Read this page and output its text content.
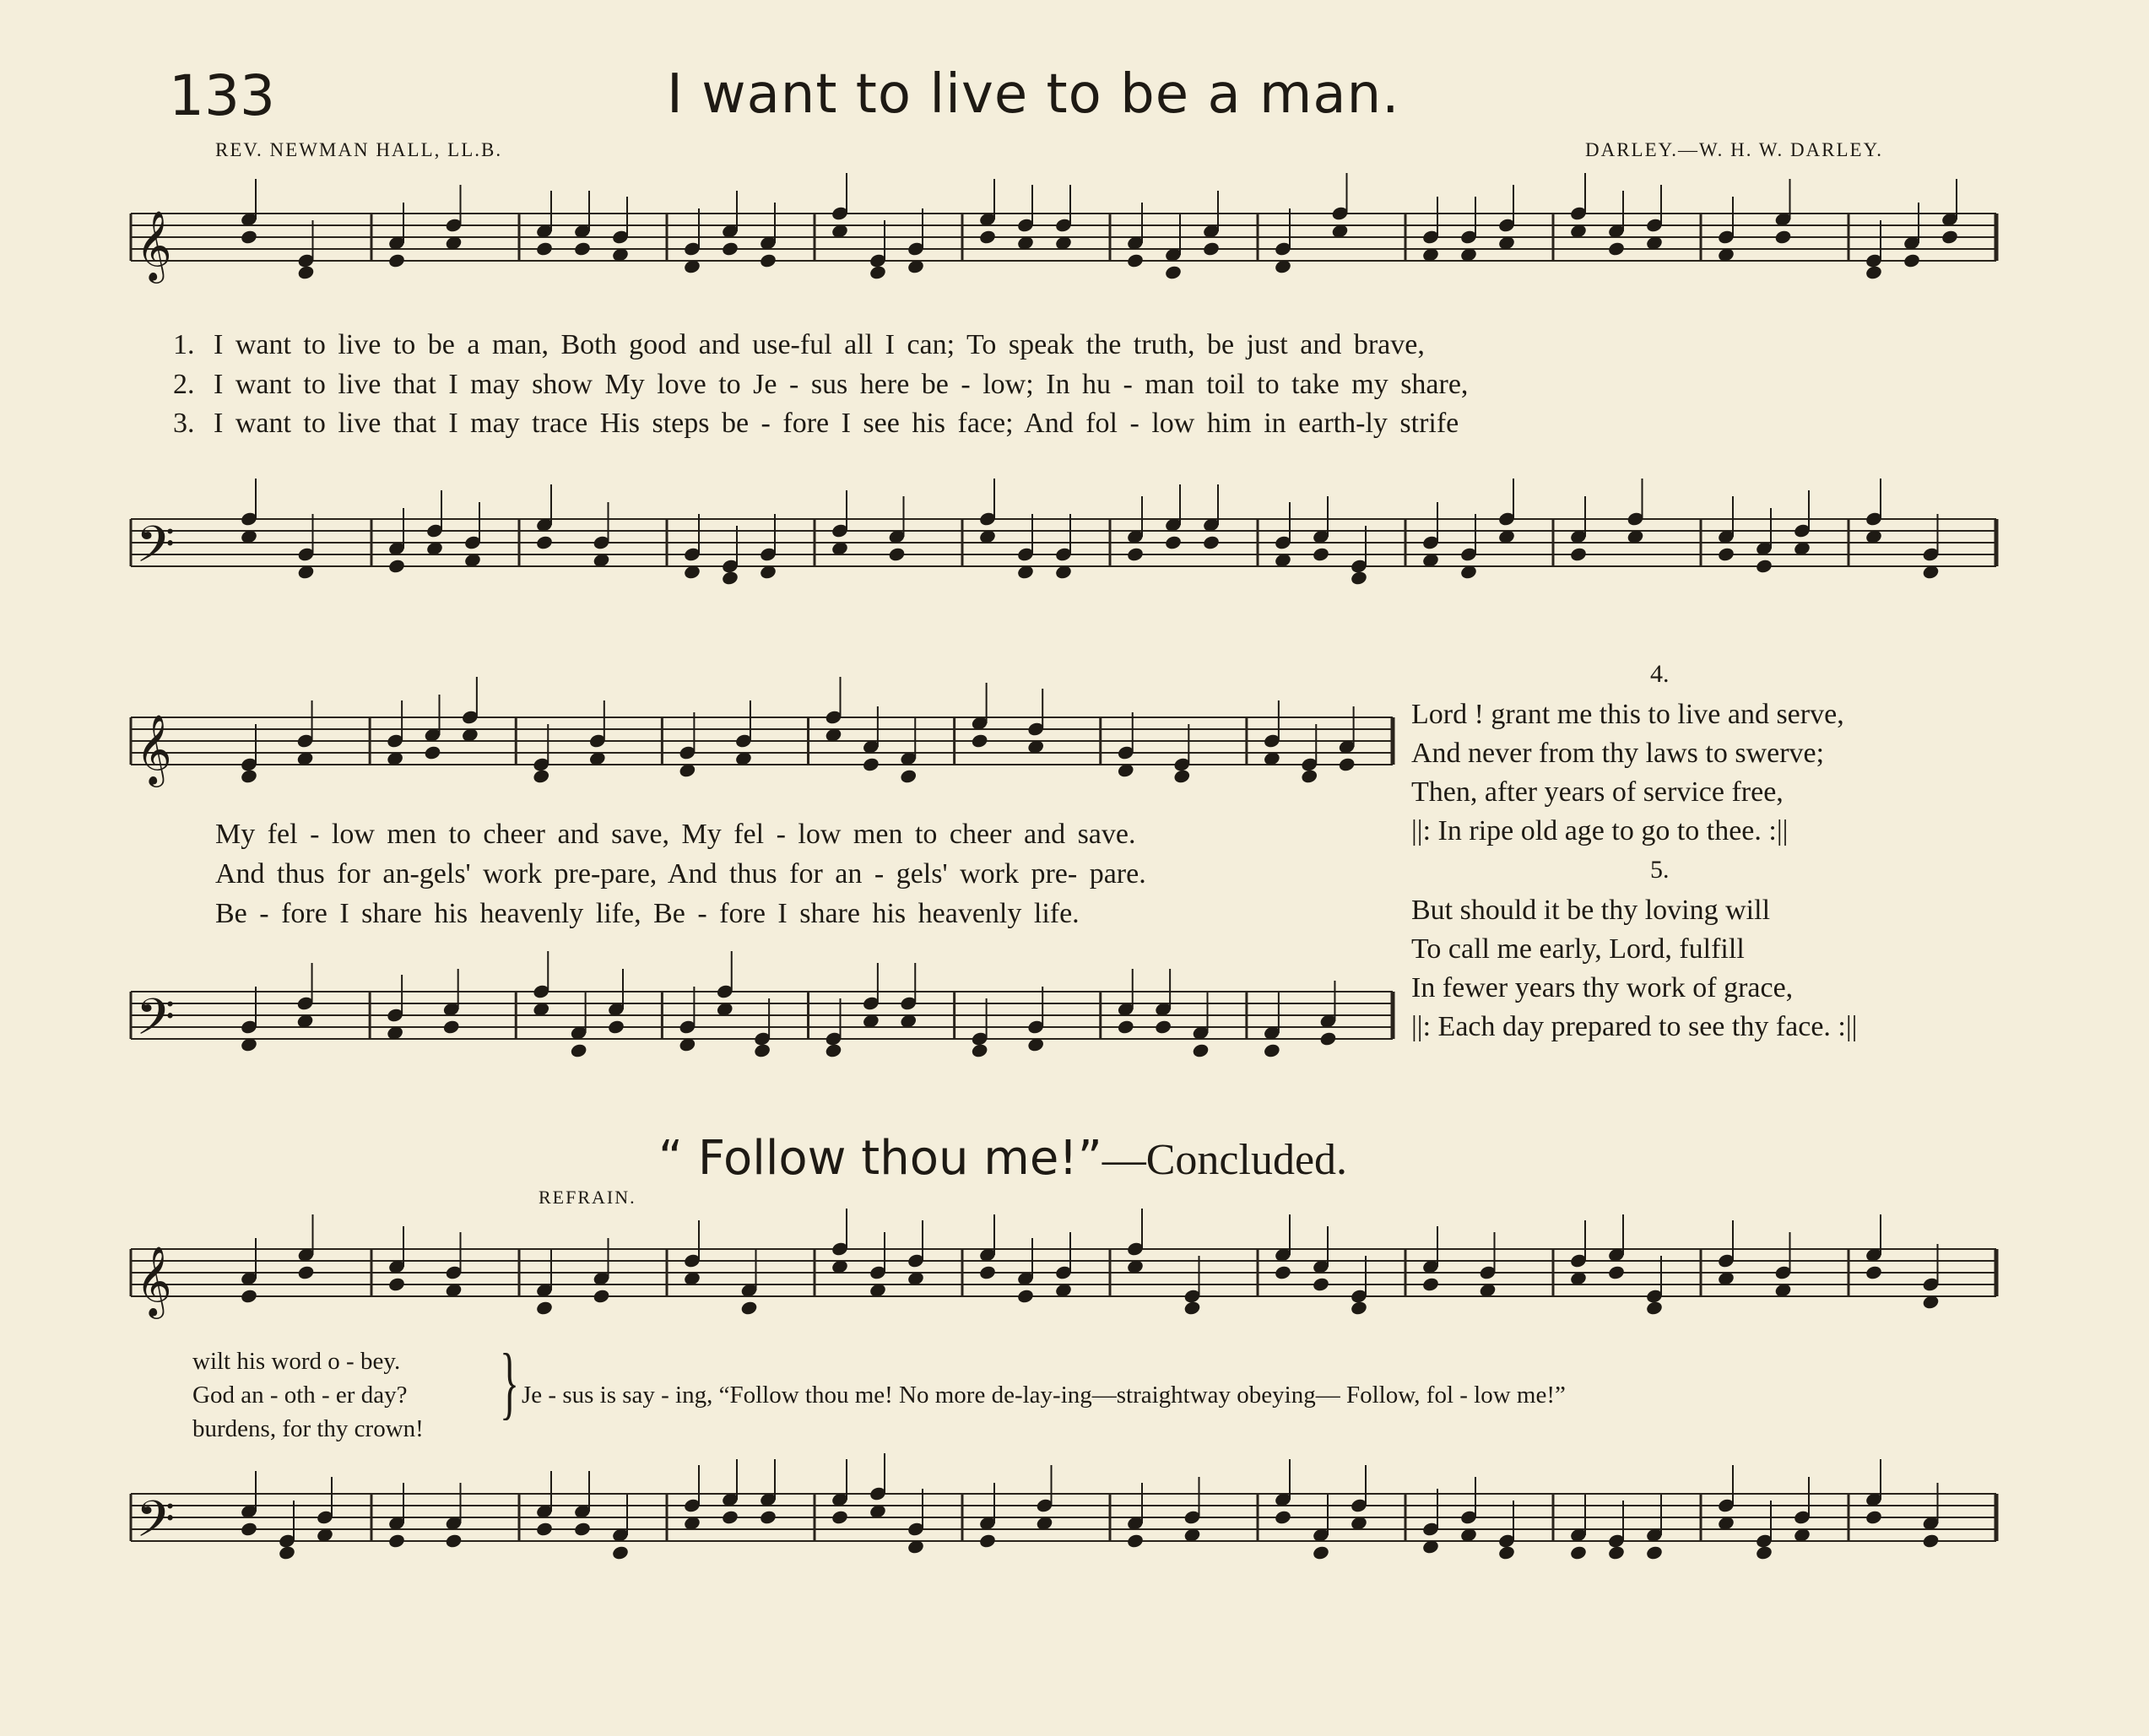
133	I want to live to be a man.
REV. NEWMAN HALL, LL.B.	DARLEY.—W. H. W. DARLEY.
𝄞
𝄢
1. I want to live to be a man, Both good and use-ful all I can; To speak the truth, be just and brave,
2. I want to live that I may show My love to Je - sus here be - low; In hu - man toil to take my share,
3. I want to live that I may trace His steps be - fore I see his face; And fol - low him in earth-ly strife
𝄞
𝄢
My fel - low men to cheer and save, My fel - low men to cheer and save.
And thus for an-gels' work pre-pare, And thus for an - gels' work pre- pare.
Be - fore I share his heavenly life, Be - fore I share his heavenly life.
4.
Lord ! grant me this to live and serve,
And never from thy laws to swerve;
Then, after years of service free,
||: In ripe old age to go to thee. :||
5.
But should it be thy loving will
To call me early, Lord, fulfill
In fewer years thy work of grace,
||: Each day prepared to see thy face. :||
“ Follow thou me!”—Concluded.
REFRAIN.
𝄞
𝄢
wilt his word o - bey.
God an - oth - er day?
burdens, for thy crown!
} Je - sus is say - ing, “Follow thou me! No more de-lay-ing—straightway obeying— Follow, fol - low me!”
